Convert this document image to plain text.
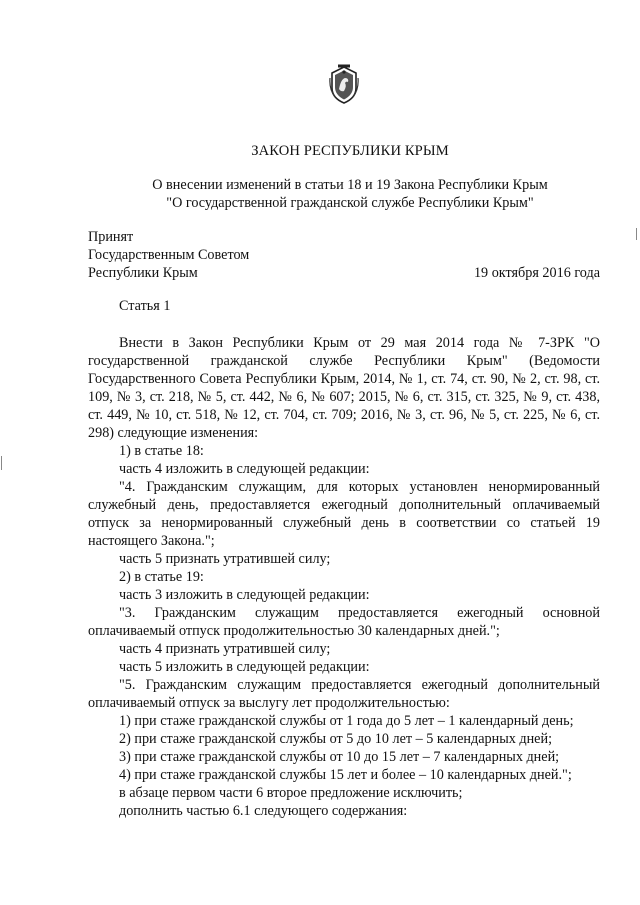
ЗАКОН РЕСПУБЛИКИ КРЫМ
О внесении изменений в статьи 18 и 19 Закона Республики Крым
"О государственной гражданской службе Республики Крым"
Принят
Государственным Советом
Республики Крым	19 октября 2016 года
Статья 1

Внести в Закон Республики Крым от 29 мая 2014 года № 7-ЗРК "О государственной гражданской службе Республики Крым" (Ведомости Государственного Совета Республики Крым, 2014, № 1, ст. 74, ст. 90, № 2, ст. 98, ст. 109, № 3, ст. 218, № 5, ст. 442, № 6, № 607; 2015, № 6, ст. 315, ст. 325, № 9, ст. 438, ст. 449, № 10, ст. 518, № 12, ст. 704, ст. 709; 2016, № 3, ст. 96, № 5, ст. 225, № 6, ст. 298) следующие изменения:

1) в статье 18:

часть 4 изложить в следующей редакции:

"4. Гражданским служащим, для которых установлен ненормированный служебный день, предоставляется ежегодный дополнительный оплачиваемый отпуск за ненормированный служебный день в соответствии со статьей 19 настоящего Закона.";

часть 5 признать утратившей силу;

2) в статье 19:

часть 3 изложить в следующей редакции:

"3. Гражданским служащим предоставляется ежегодный основной оплачиваемый отпуск продолжительностью 30 календарных дней.";

часть 4 признать утратившей силу;

часть 5 изложить в следующей редакции:

"5. Гражданским служащим предоставляется ежегодный дополнительный оплачиваемый отпуск за выслугу лет продолжительностью:

1) при стаже гражданской службы от 1 года до 5 лет – 1 календарный день;

2) при стаже гражданской службы от 5 до 10 лет – 5 календарных дней;

3) при стаже гражданской службы от 10 до 15 лет – 7 календарных дней;

4) при стаже гражданской службы 15 лет и более – 10 календарных дней.";

в абзаце первом части 6 второе предложение исключить;

дополнить частью 6.1 следующего содержания:
